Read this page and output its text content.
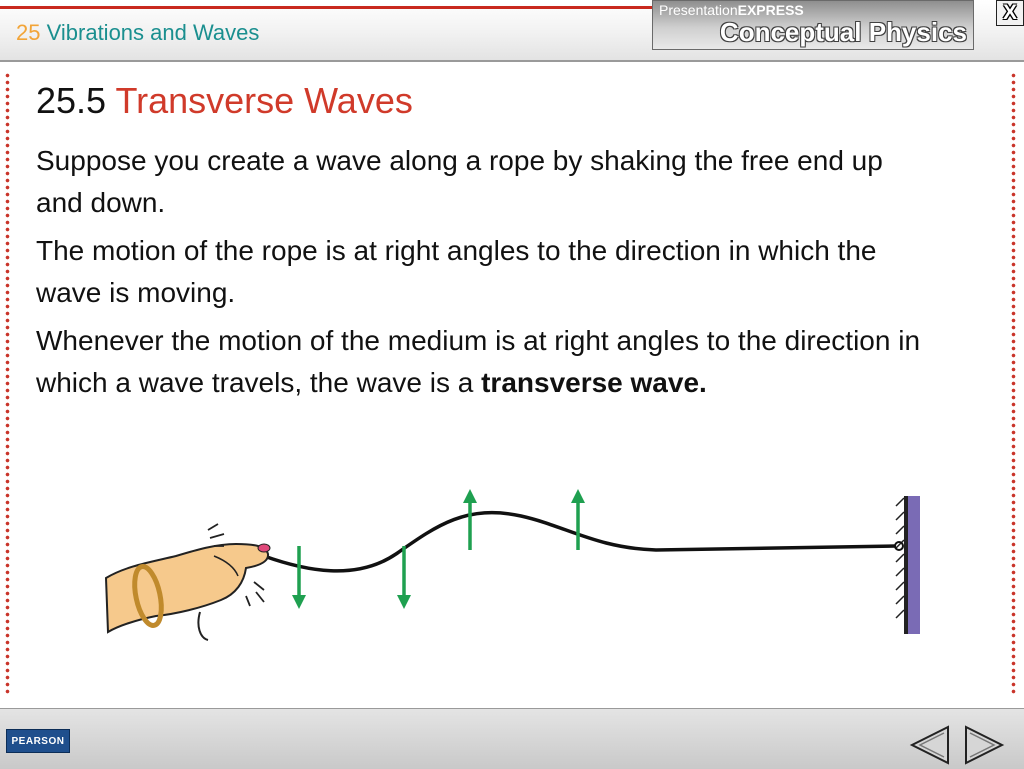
25 Vibrations and Waves
PresentationEXPRESS
Conceptual Physics
X
25.5 Transverse Waves

Suppose you create a wave along a rope by shaking the free end up and down.

The motion of the rope is at right angles to the direction in which the wave is moving.

Whenever the motion of the medium is at right angles to the direction in which a wave travels, the wave is a transverse wave.

PEARSON
